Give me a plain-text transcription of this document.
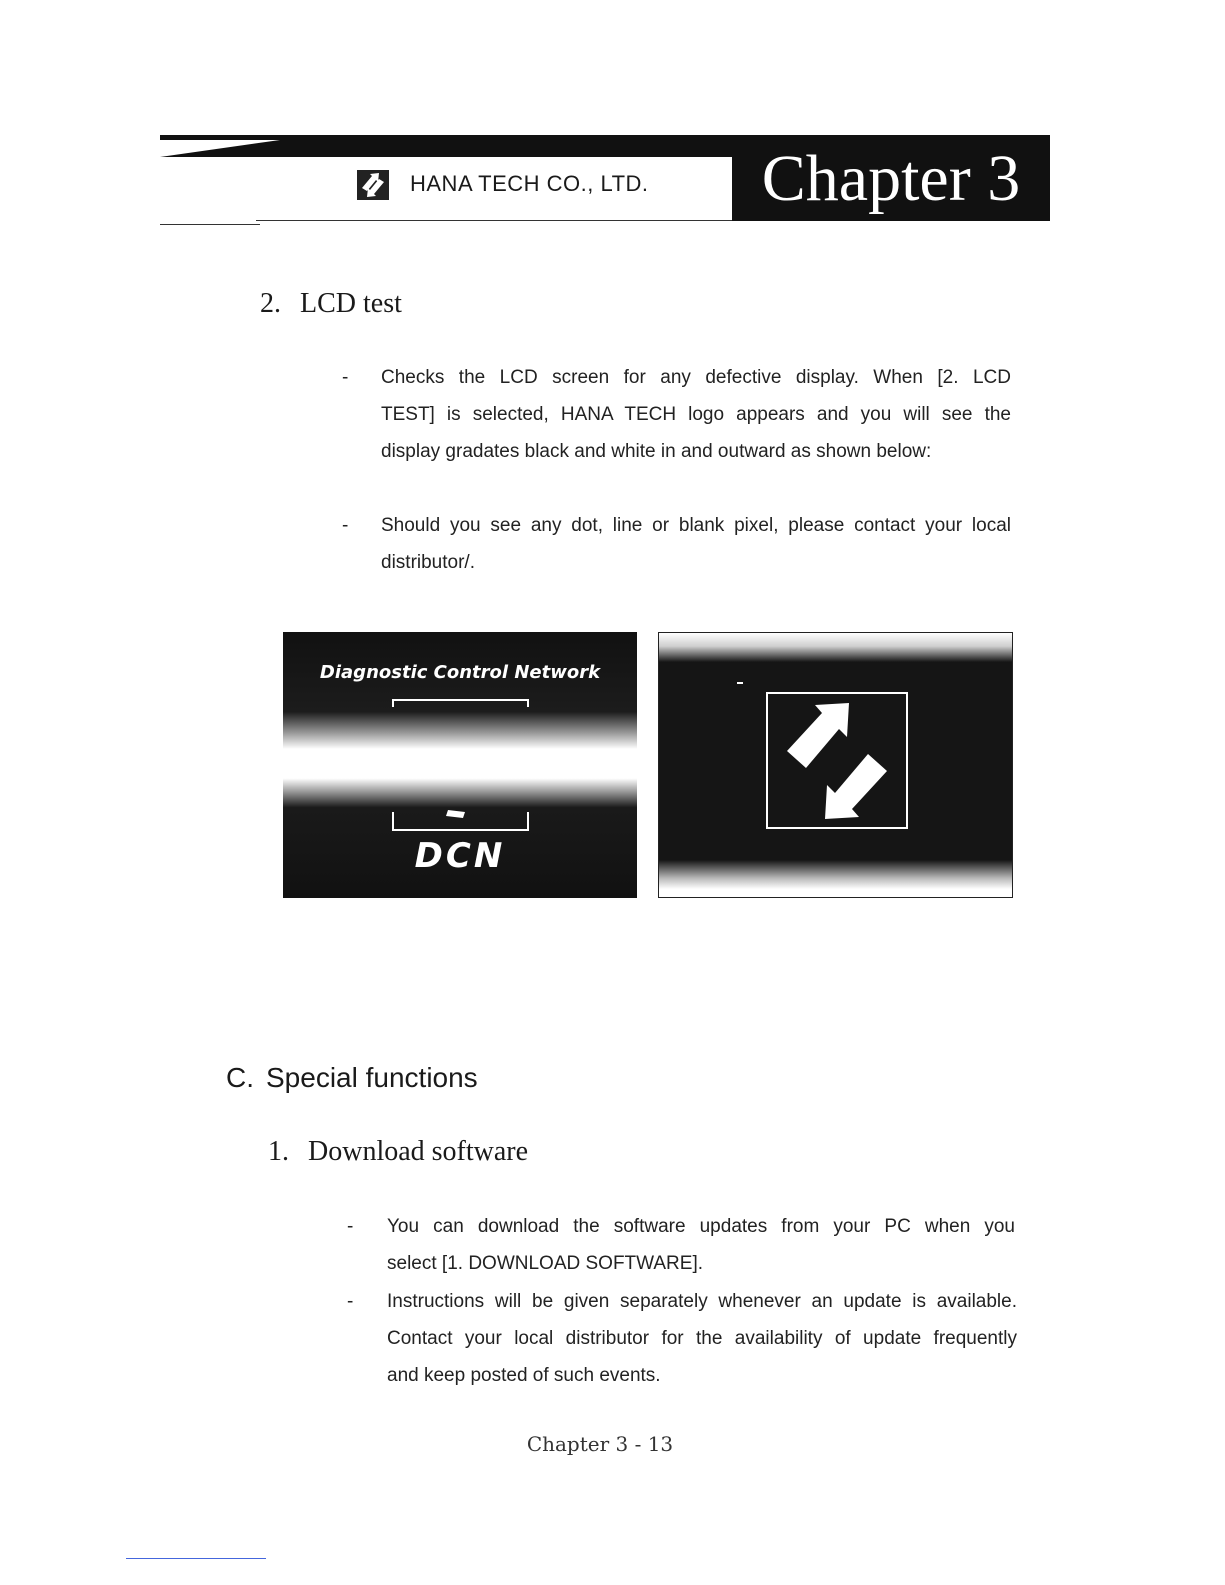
HANA TECH CO., LTD.	Chapter 3
2. LCD test
- Checks the LCD screen for any defective display. When [2. LCD
TEST] is selected, HANA TECH logo appears and you will see the
display gradates black and white in and outward as shown below:
- Should you see any dot, line or blank pixel, please contact your local
distributor/.
Diagnostic Control Network
DCN
C. Special functions
1. Download software
- You can download the software updates from your PC when you
select [1. DOWNLOAD SOFTWARE].
- Instructions will be given separately whenever an update is available.
Contact your local distributor for the availability of update frequently
and keep posted of such events.
Chapter 3 - 13
